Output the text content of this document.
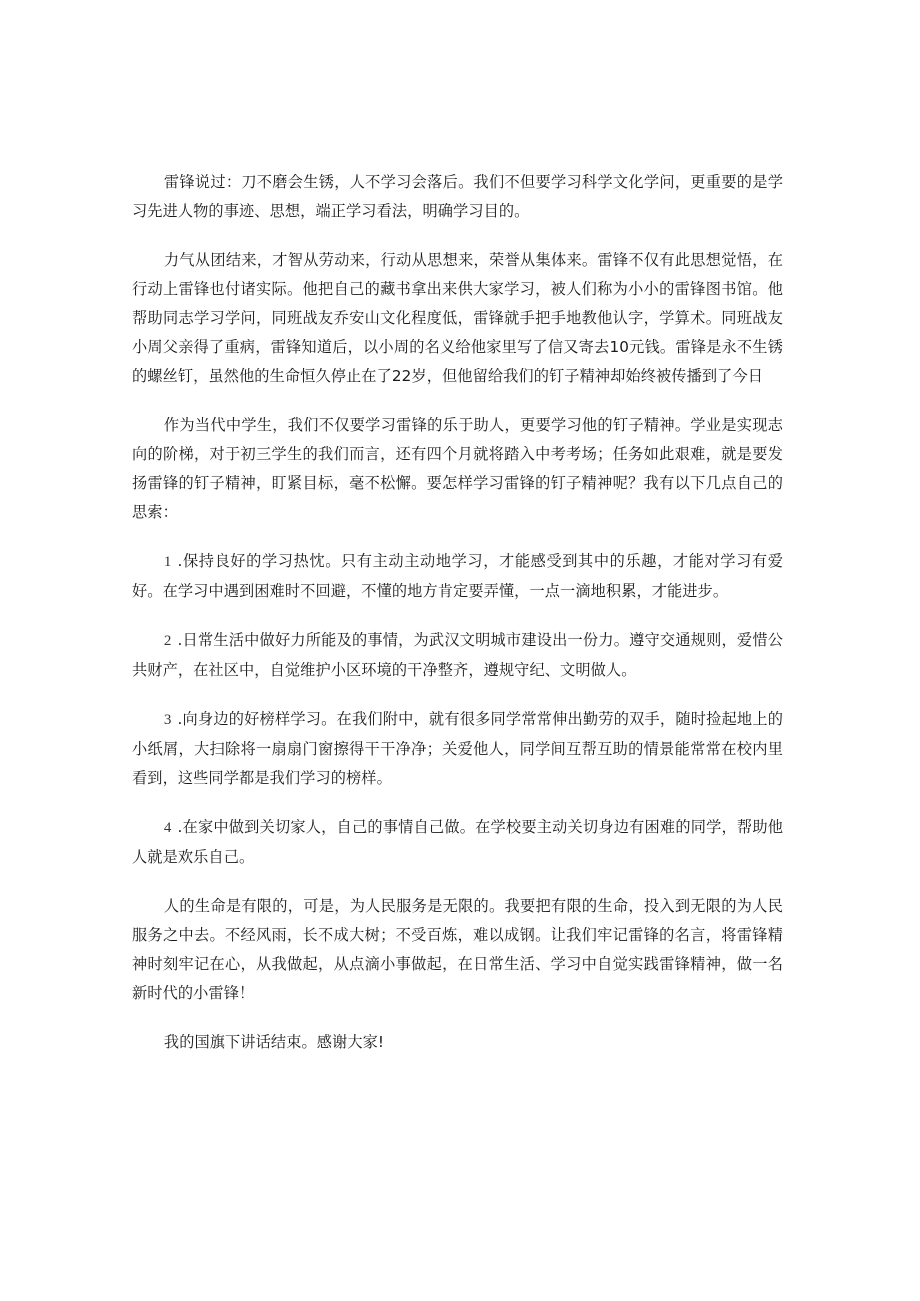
雷锋说过：刀不磨会生锈，人不学习会落后。我们不但要学习科学文化学问，更重要的是学习先进人物的事迹、思想，端正学习看法，明确学习目的。

力气从团结来，才智从劳动来，行动从思想来，荣誉从集体来。雷锋不仅有此思想觉悟，在行动上雷锋也付诸实际。他把自己的藏书拿出来供大家学习，被人们称为小小的雷锋图书馆。他帮助同志学习学问，同班战友乔安山文化程度低，雷锋就手把手地教他认字，学算术。同班战友小周父亲得了重病，雷锋知道后，以小周的名义给他家里写了信又寄去10元钱。雷锋是永不生锈的螺丝钉，虽然他的生命恒久停止在了22岁，但他留给我们的钉子精神却始终被传播到了今日

作为当代中学生，我们不仅要学习雷锋的乐于助人，更要学习他的钉子精神。学业是实现志向的阶梯，对于初三学生的我们而言，还有四个月就将踏入中考考场；任务如此艰难，就是要发扬雷锋的钉子精神，盯紧目标，毫不松懈。要怎样学习雷锋的钉子精神呢？我有以下几点自己的思索：

1 .保持良好的学习热忱。只有主动主动地学习，才能感受到其中的乐趣，才能对学习有爱好。在学习中遇到困难时不回避，不懂的地方肯定要弄懂，一点一滴地积累，才能进步。

2 .日常生活中做好力所能及的事情，为武汉文明城市建设出一份力。遵守交通规则，爱惜公共财产，在社区中，自觉维护小区环境的干净整齐，遵规守纪、文明做人。

3 .向身边的好榜样学习。在我们附中，就有很多同学常常伸出勤劳的双手，随时捡起地上的小纸屑，大扫除将一扇扇门窗擦得干干净净；关爱他人，同学间互帮互助的情景能常常在校内里看到，这些同学都是我们学习的榜样。

4 .在家中做到关切家人，自己的事情自己做。在学校要主动关切身边有困难的同学，帮助他人就是欢乐自己。

人的生命是有限的，可是，为人民服务是无限的。我要把有限的生命，投入到无限的为人民服务之中去。不经风雨，长不成大树；不受百炼，难以成钢。让我们牢记雷锋的名言，将雷锋精神时刻牢记在心，从我做起，从点滴小事做起，在日常生活、学习中自觉实践雷锋精神，做一名新时代的小雷锋！

我的国旗下讲话结束。感谢大家!
